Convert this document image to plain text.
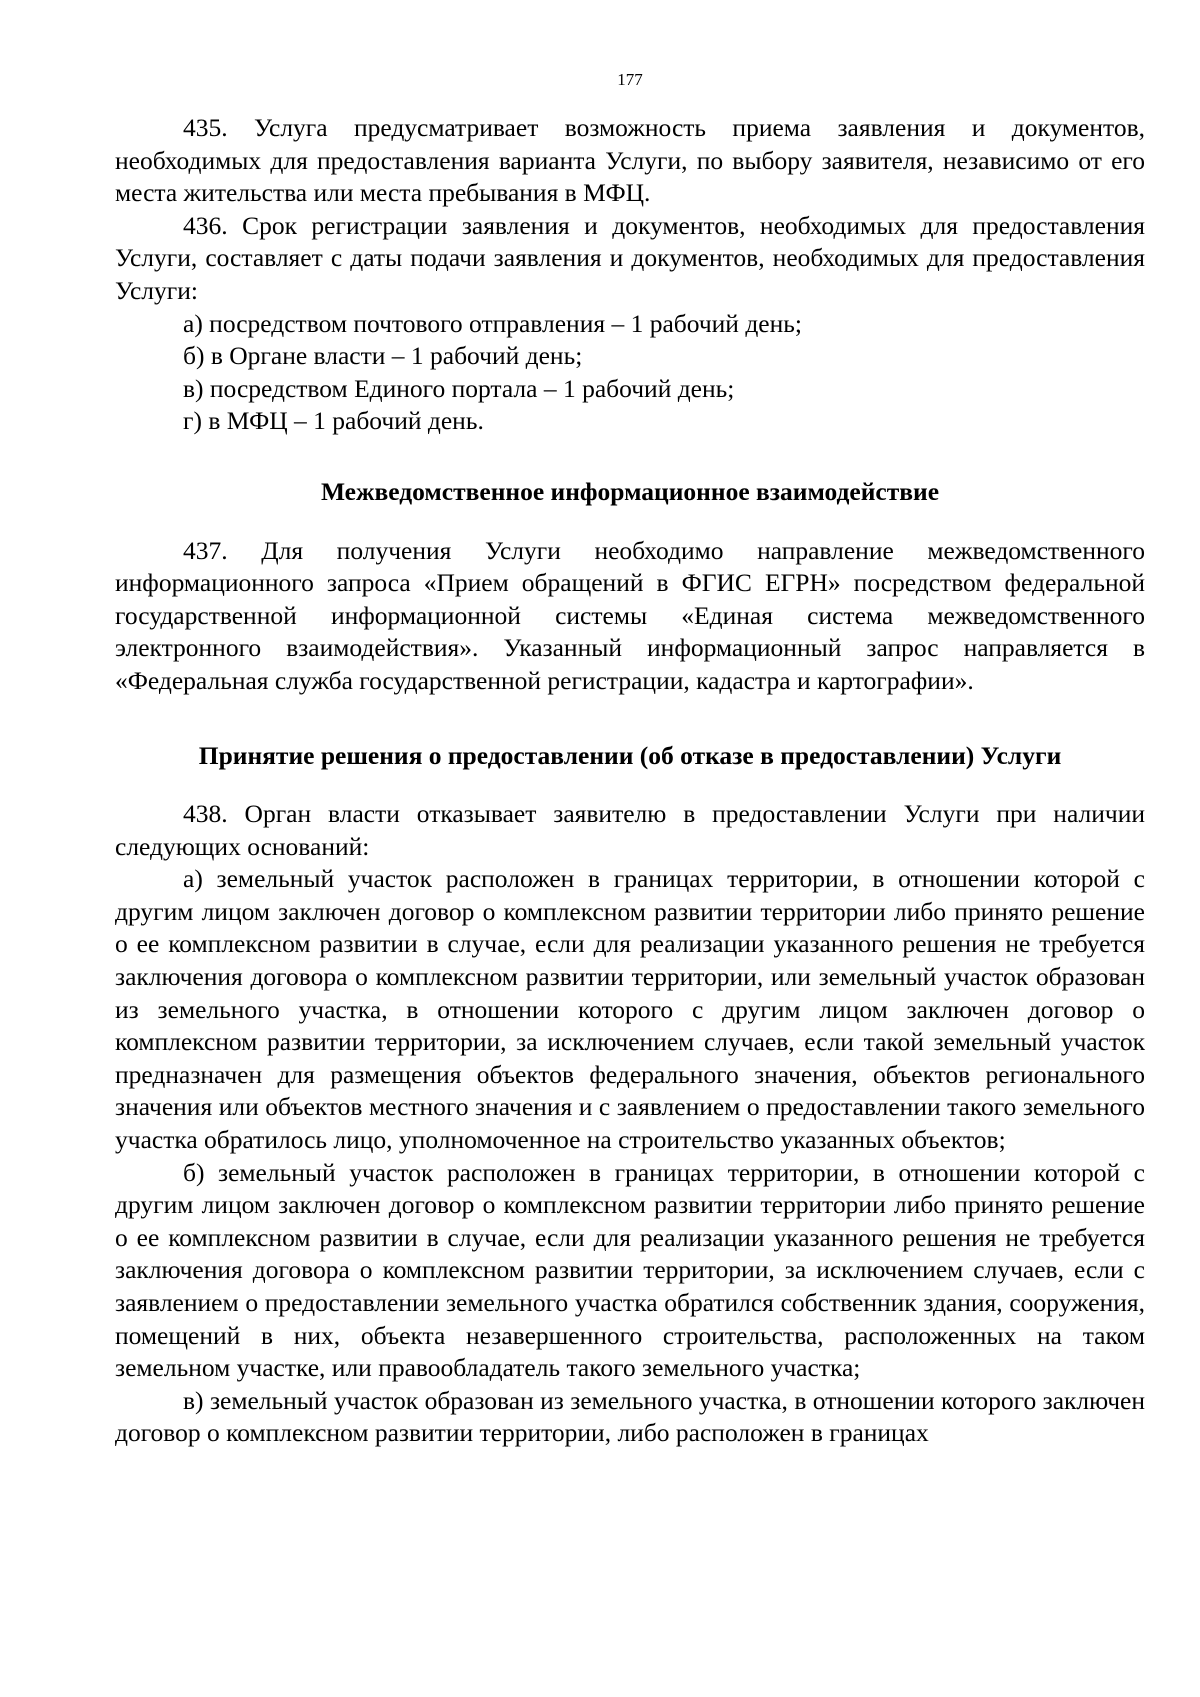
177

435. Услуга предусматривает возможность приема заявления и документов, необходимых для предоставления варианта Услуги, по выбору заявителя, независимо от его места жительства или места пребывания в МФЦ.

436. Срок регистрации заявления и документов, необходимых для предоставления Услуги, составляет с даты подачи заявления и документов, необходимых для предоставления Услуги:

а) посредством почтового отправления – 1 рабочий день;

б) в Органе власти – 1 рабочий день;

в) посредством Единого портала – 1 рабочий день;

г) в МФЦ – 1 рабочий день.

Межведомственное информационное взаимодействие

437. Для получения Услуги необходимо направление межведомственного информационного запроса «Прием обращений в ФГИС ЕГРН» посредством федеральной государственной информационной системы «Единая система межведомственного электронного взаимодействия». Указанный информационный запрос направляется в «Федеральная служба государственной регистрации, кадастра и картографии».

Принятие решения о предоставлении (об отказе в предоставлении) Услуги

438. Орган власти отказывает заявителю в предоставлении Услуги при наличии следующих оснований:

а) земельный участок расположен в границах территории, в отношении которой с другим лицом заключен договор о комплексном развитии территории либо принято решение о ее комплексном развитии в случае, если для реализации указанного решения не требуется заключения договора о комплексном развитии территории, или земельный участок образован из земельного участка, в отношении которого с другим лицом заключен договор о комплексном развитии территории, за исключением случаев, если такой земельный участок предназначен для размещения объектов федерального значения, объектов регионального значения или объектов местного значения и с заявлением о предоставлении такого земельного участка обратилось лицо, уполномоченное на строительство указанных объектов;

б) земельный участок расположен в границах территории, в отношении которой с другим лицом заключен договор о комплексном развитии территории либо принято решение о ее комплексном развитии в случае, если для реализации указанного решения не требуется заключения договора о комплексном развитии территории, за исключением случаев, если с заявлением о предоставлении земельного участка обратился собственник здания, сооружения, помещений в них, объекта незавершенного строительства, расположенных на таком земельном участке, или правообладатель такого земельного участка;

в) земельный участок образован из земельного участка, в отношении которого заключен договор о комплексном развитии территории, либо расположен в границах
